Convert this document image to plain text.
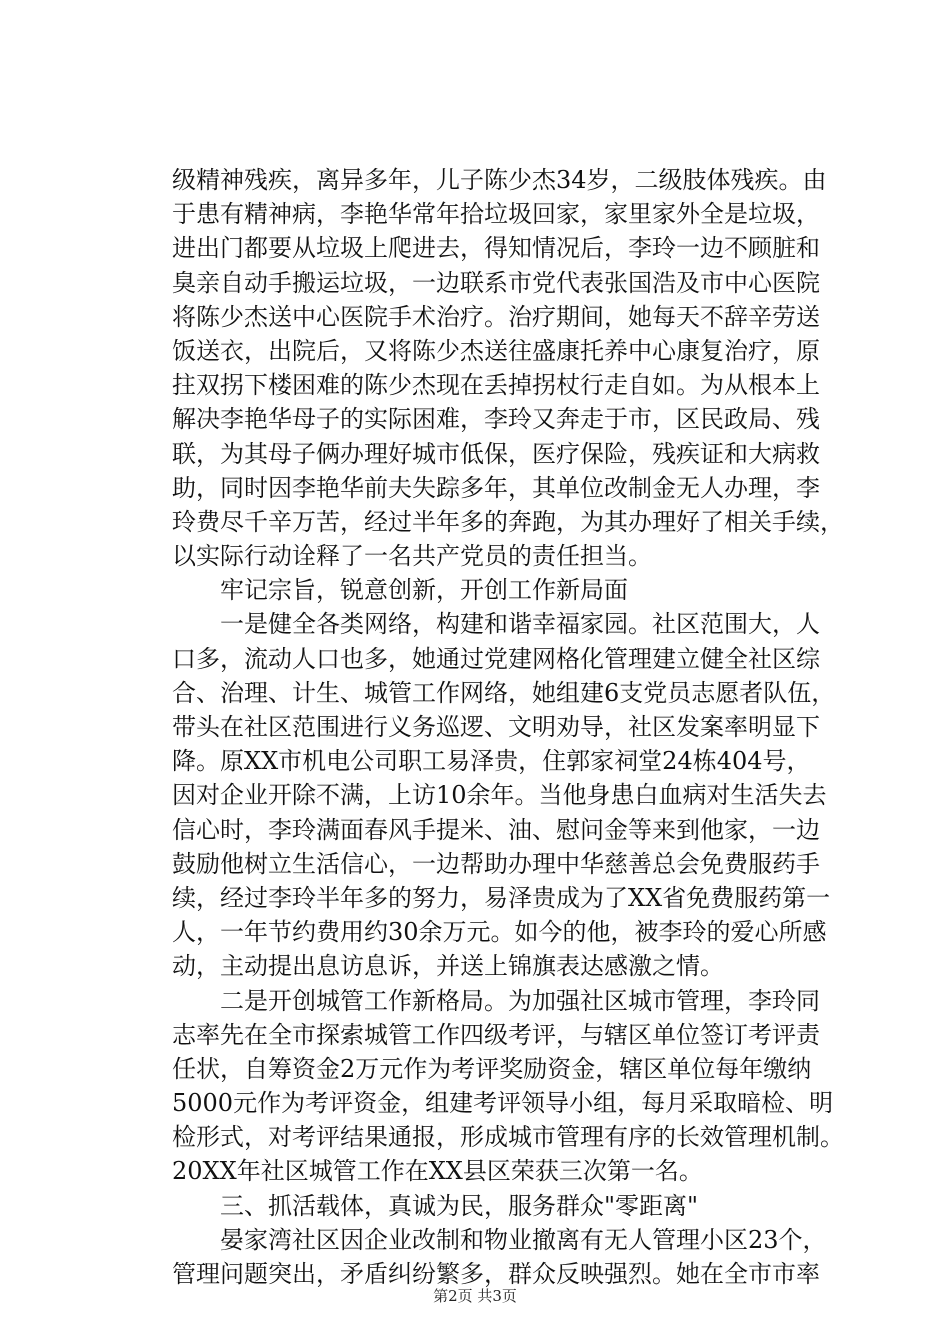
级精神残疾，离异多年，儿子陈少杰34岁，二级肢体残疾。由
于患有精神病，李艳华常年拾垃圾回家，家里家外全是垃圾，
进出门都要从垃圾上爬进去，得知情况后，李玲一边不顾脏和
臭亲自动手搬运垃圾，一边联系市党代表张国浩及市中心医院
将陈少杰送中心医院手术治疗。治疗期间，她每天不辞辛劳送
饭送衣，出院后，又将陈少杰送往盛康托养中心康复治疗，原
拄双拐下楼困难的陈少杰现在丢掉拐杖行走自如。为从根本上
解决李艳华母子的实际困难，李玲又奔走于市，区民政局、残
联，为其母子俩办理好城市低保，医疗保险，残疾证和大病救
助，同时因李艳华前夫失踪多年，其单位改制金无人办理，李
玲费尽千辛万苦，经过半年多的奔跑，为其办理好了相关手续，
以实际行动诠释了一名共产党员的责任担当。
　　牢记宗旨，锐意创新，开创工作新局面
　　一是健全各类网络，构建和谐幸福家园。社区范围大，人
口多，流动人口也多，她通过党建网格化管理建立健全社区综
合、治理、计生、城管工作网络，她组建6支党员志愿者队伍，
带头在社区范围进行义务巡逻、文明劝导，社区发案率明显下
降。原XX市机电公司职工易泽贵，住郭家祠堂24栋404号，
因对企业开除不满，上访10余年。当他身患白血病对生活失去
信心时，李玲满面春风手提米、油、慰问金等来到他家，一边
鼓励他树立生活信心，一边帮助办理中华慈善总会免费服药手
续，经过李玲半年多的努力，易泽贵成为了XX省免费服药第一
人，一年节约费用约30余万元。如今的他，被李玲的爱心所感
动，主动提出息访息诉，并送上锦旗表达感激之情。
　　二是开创城管工作新格局。为加强社区城市管理，李玲同
志率先在全市探索城管工作四级考评，与辖区单位签订考评责
任状，自筹资金2万元作为考评奖励资金，辖区单位每年缴纳
5000元作为考评资金，组建考评领导小组，每月采取暗检、明
检形式，对考评结果通报，形成城市管理有序的长效管理机制。
20XX年社区城管工作在XX县区荣获三次第一名。
　　三、抓活载体，真诚为民，服务群众"零距离"
　　晏家湾社区因企业改制和物业撤离有无人管理小区23个，
管理问题突出，矛盾纠纷繁多，群众反映强烈。她在全市市率
第2页 共3页
